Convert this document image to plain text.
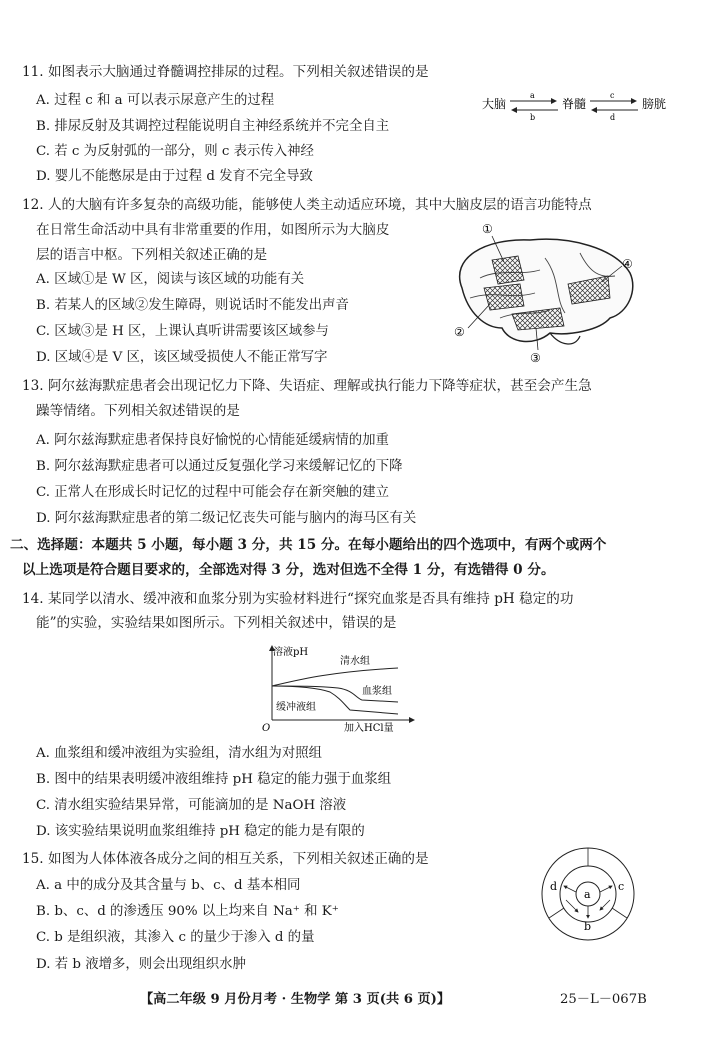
11. 如图表示大脑通过脊髓调控排尿的过程。下列相关叙述错误的是
A. 过程 c 和 a 可以表示尿意产生的过程
B. 排尿反射及其调控过程能说明自主神经系统并不完全自主
C. 若 c 为反射弧的一部分，则 c 表示传入神经
D. 婴儿不能憋尿是由于过程 d 发育不完全导致
大脑
a
b
脊髓
c
d
膀胱
12. 人的大脑有许多复杂的高级功能，能够使人类主动适应环境，其中大脑皮层的语言功能特点
在日常生命活动中具有非常重要的作用，如图所示为大脑皮
层的语言中枢。下列相关叙述正确的是
A. 区域①是 W 区，阅读与该区域的功能有关
B. 若某人的区域②发生障碍，则说话时不能发出声音
C. 区域③是 H 区，上课认真听讲需要该区域参与
D. 区域④是 V 区，该区域受损使人不能正常写字
①
②
③
④
13. 阿尔兹海默症患者会出现记忆力下降、失语症、理解或执行能力下降等症状，甚至会产生急
躁等情绪。下列相关叙述错误的是
A. 阿尔兹海默症患者保持良好愉悦的心情能延缓病情的加重
B. 阿尔兹海默症患者可以通过反复强化学习来缓解记忆的下降
C. 正常人在形成长时记忆的过程中可能会存在新突触的建立
D. 阿尔兹海默症患者的第二级记忆丧失可能与脑内的海马区有关
二、选择题：本题共 5 小题，每小题 3 分，共 15 分。在每小题给出的四个选项中，有两个或两个
以上选项是符合题目要求的，全部选对得 3 分，选对但选不全得 1 分，有选错得 0 分。
14. 某同学以清水、缓冲液和血浆分别为实验材料进行“探究血浆是否具有维持 pH 稳定的功
能”的实验，实验结果如图所示。下列相关叙述中，错误的是
溶液pH
加入HCl量
O
清水组
血浆组
缓冲液组
A. 血浆组和缓冲液组为实验组，清水组为对照组
B. 图中的结果表明缓冲液组维持 pH 稳定的能力强于血浆组
C. 清水组实验结果异常，可能滴加的是 NaOH 溶液
D. 该实验结果说明血浆组维持 pH 稳定的能力是有限的
15. 如图为人体体液各成分之间的相互关系，下列相关叙述正确的是
A. a 中的成分及其含量与 b、c、d 基本相同
B. b、c、d 的渗透压 90% 以上均来自 Na⁺ 和 K⁺
C. b 是组织液，其渗入 c 的量少于渗入 d 的量
D. 若 b 液增多，则会出现组织水肿
a
b
c
d
【高二年级 9 月份月考 · 生物学 第 3 页(共 6 页)】	25－L－067B
